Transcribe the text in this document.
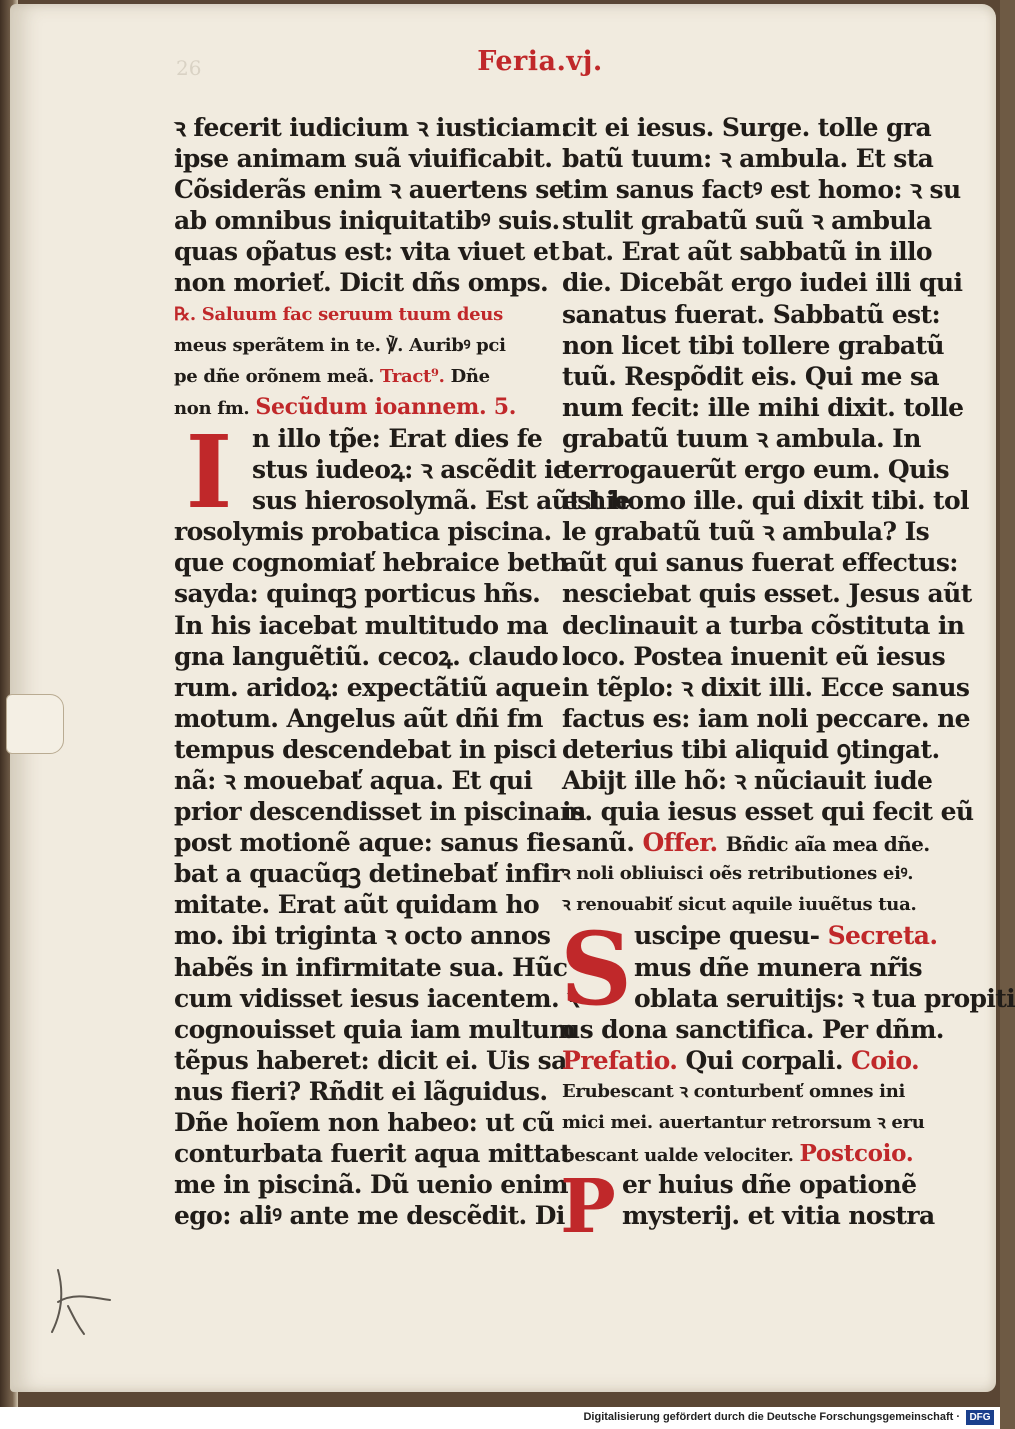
26	Feria.vj.
ꝛ fecerit iudicium ꝛ iusticiam:
ipse animam suã viuificabit.
Cõsiderãs enim ꝛ auertens se
ab omnibus iniquitatibꝰ suis.
quas op̃atus est: vita viuet et
non morieť. Dicit dñs omps.
℞. Saluum fac seruum tuum deus
meus sperãtem in te. ℣. Auribꝰ pci
pe dñe orõnem meã. Tract⁹. Dñe
non fm. Secũdum ioannem. 5.
I n illo tp̃e: Erat dies fe
stus iudeoꝝ: ꝛ ascẽdit ie
sus hierosolymã. Est aũt hie
rosolymis probatica piscina.
que cognomiať hebraice beth
sayda: quinqꝫ porticus hñs.
In his iacebat multitudo ma
gna languẽtiũ. cecoꝝ. claudo
rum. aridoꝝ: expectãtiũ aque
motum. Angelus aũt dñi fm
tempus descendebat in pisci
nã: ꝛ mouebať aqua. Et qui
prior descendisset in piscinam
post motionẽ aque: sanus fie
bat a quacũqꝫ detinebať infir
mitate. Erat aũt quidam ho
mo. ibi triginta ꝛ octo annos
habẽs in infirmitate sua. Hũc
cum vidisset iesus iacentem. ꝛ
cognouisset quia iam multum
tẽpus haberet: dicit ei. Uis sa
nus fieri? Rñdit ei lãguidus.
Dñe hoĩem non habeo: ut cũ
conturbata fuerit aqua mittat
me in piscinã. Dũ uenio enim
ego: aliꝰ ante me descẽdit. Di
cit ei iesus. Surge. tolle gra
batũ tuum: ꝛ ambula. Et sta
tim sanus factꝰ est homo: ꝛ su
stulit grabatũ suũ ꝛ ambula
bat. Erat aũt sabbatũ in illo
die. Dicebãt ergo iudei illi qui
sanatus fuerat. Sabbatũ est:
non licet tibi tollere grabatũ
tuũ. Respõdit eis. Qui me sa
num fecit: ille mihi dixit. tolle
grabatũ tuum ꝛ ambula. In
terrogauerũt ergo eum. Quis
est homo ille. qui dixit tibi. tol
le grabatũ tuũ ꝛ ambula? Is
aũt qui sanus fuerat effectus:
nesciebat quis esset. Jesus aũt
declinauit a turba cõstituta in
loco. Postea inuenit eũ iesus
in tẽplo: ꝛ dixit illi. Ecce sanus
factus es: iam noli peccare. ne
deterius tibi aliquid ꝯtingat.
Abijt ille hõ: ꝛ nũciauit iude
is. quia iesus esset qui fecit eũ
sanũ. Offer. Bñdic aĩa mea dñe.
ꝛ noli obliuisci oẽs retributiones eiꝰ.
ꝛ renouabiť sicut aquile iuuẽtus tua.
S uscipe quesu- Secreta.
mus dñe munera nr̃is
oblata seruitijs: ꝛ tua propiti
us dona sanctifica. Per dñm.
Prefatio. Qui corpali. Coio.
Erubescant ꝛ conturbenť omnes ini
mici mei. auertantur retrorsum ꝛ eru
bescant ualde velociter. Postcoio.
P er huius dñe opationẽ
mysterij. et vitia nostra
Digitalisierung gefördert durch die Deutsche Forschungsgemeinschaft · DFG
